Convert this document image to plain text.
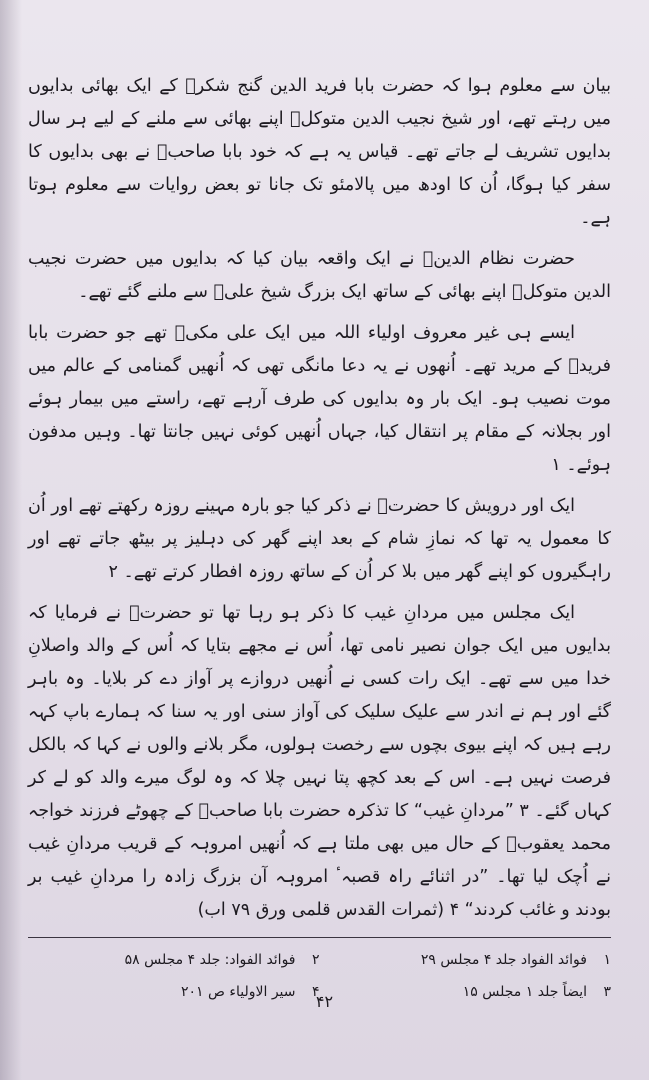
بیان سے معلوم ہوا کہ حضرت بابا فرید الدین گنج شکرؒ کے ایک بھائی بدایوں میں رہتے تھے، اور شیخ نجیب الدین متوکلؒ اپنے بھائی سے ملنے کے لیے ہر سال بدایوں تشریف لے جاتے تھے۔ قیاس یہ ہے کہ خود بابا صاحبؒ نے بھی بدایوں کا سفر کیا ہوگا، اُن کا اودھ میں پالامئو تک جانا تو بعض روایات سے معلوم ہوتا ہے۔

حضرت نظام الدینؒ نے ایک واقعہ بیان کیا کہ بدایوں میں حضرت نجیب الدین متوکلؒ اپنے بھائی کے ساتھ ایک بزرگ شیخ علیؒ سے ملنے گئے تھے۔

ایسے ہی غیر معروف اولیاء اللہ میں ایک علی مکیؒ تھے جو حضرت بابا فریدؒ کے مرید تھے۔ اُنھوں نے یہ دعا مانگی تھی کہ اُنھیں گمنامی کے عالم میں موت نصیب ہو۔ ایک بار وہ بدایوں کی طرف آرہے تھے، راستے میں بیمار ہوئے اور بجلانہ کے مقام پر انتقال کیا، جہاں اُنھیں کوئی نہیں جانتا تھا۔ وہیں مدفون ہوئے۔ ۱

ایک اور درویش کا حضرتؒ نے ذکر کیا جو بارہ مہینے روزہ رکھتے تھے اور اُن کا معمول یہ تھا کہ نمازِ شام کے بعد اپنے گھر کی دہلیز پر بیٹھ جاتے تھے اور راہگیروں کو اپنے گھر میں بلا کر اُن کے ساتھ روزہ افطار کرتے تھے۔ ۲

ایک مجلس میں مردانِ غیب کا ذکر ہو رہا تھا تو حضرتؒ نے فرمایا کہ بدایوں میں ایک جوان نصیر نامی تھا، اُس نے مجھے بتایا کہ اُس کے والد واصلانِ خدا میں سے تھے۔ ایک رات کسی نے اُنھیں دروازے پر آواز دے کر بلایا۔ وہ باہر گئے اور ہم نے اندر سے علیک سلیک کی آواز سنی اور یہ سنا کہ ہمارے باپ کہہ رہے ہیں کہ اپنے بیوی بچوں سے رخصت ہولوں، مگر بلانے والوں نے کہا کہ بالکل فرصت نہیں ہے۔ اس کے بعد کچھ پتا نہیں چلا کہ وہ لوگ میرے والد کو لے کر کہاں گئے۔ ۳ ”مردانِ غیب“ کا تذکرہ حضرت بابا صاحبؒ کے چھوٹے فرزند خواجہ محمد یعقوبؒ کے حال میں بھی ملتا ہے کہ اُنھیں امروہہ کے قریب مردانِ غیب نے اُچک لیا تھا۔ ”در اثنائے راہ قصبہٴ امروہہ آن بزرگ زادہ را مردانِ غیب بر بودند و غائب کردند“ ۴ (ثمرات القدس قلمی ورق ۷۹ اب)

۱
فوائد الفواد جلد ۴ مجلس ۲۹
۲
فوائد الفواد: جلد ۴ مجلس ۵۸
۳
ایضاً جلد ۱ مجلس ۱۵
۴
سیر الاولیاء ص ۲۰۱	۴۲
